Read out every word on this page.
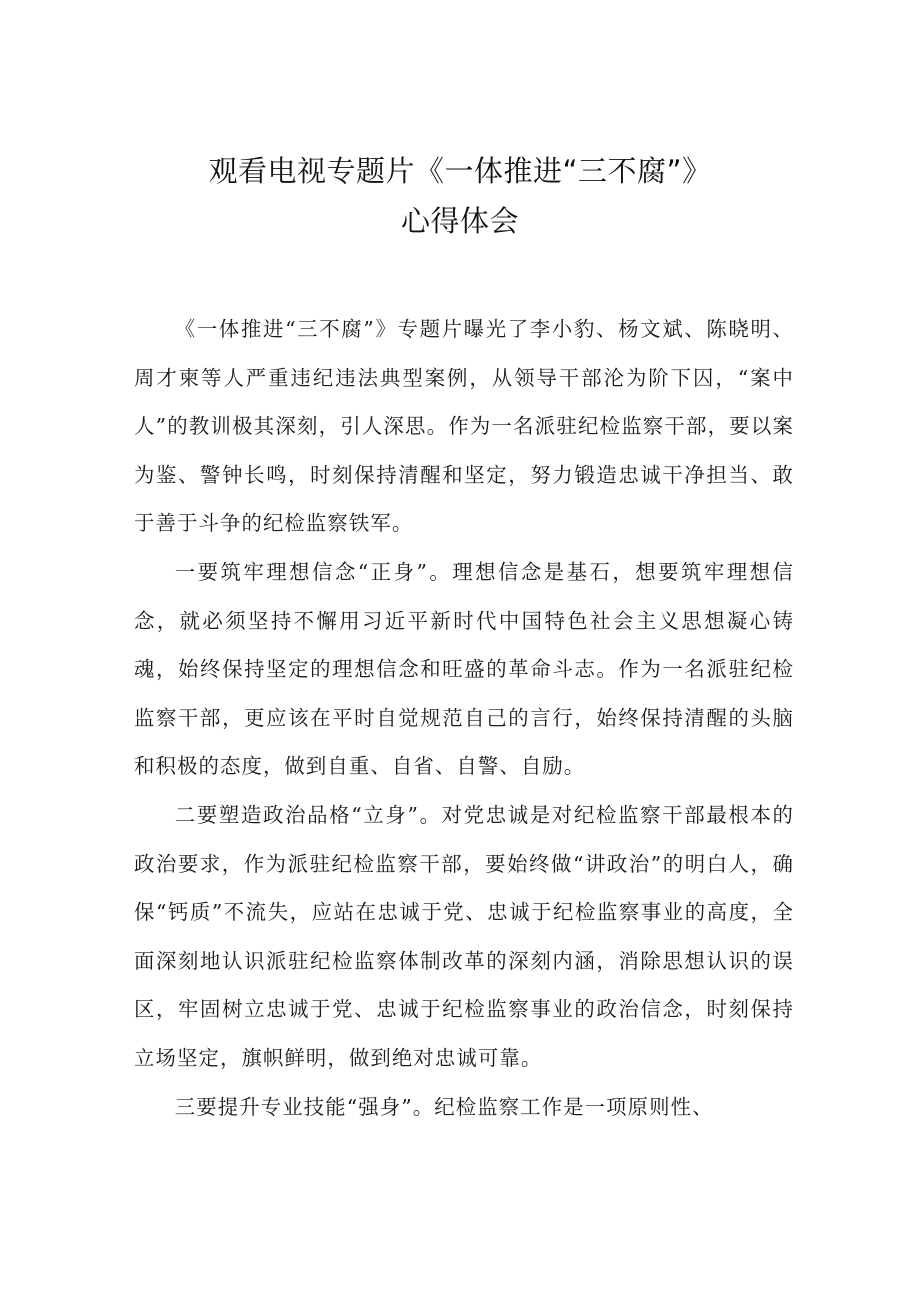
观看电视专题片《一体推进“三不腐”》
心得体会

《一体推进“三不腐”》专题片曝光了李小豹、杨文斌、陈晓明、周才柬等人严重违纪违法典型案例，从领导干部沦为阶下囚，“案中人”的教训极其深刻，引人深思。作为一名派驻纪检监察干部，要以案为鉴、警钟长鸣，时刻保持清醒和坚定，努力锻造忠诚干净担当、敢于善于斗争的纪检监察铁军。

一要筑牢理想信念“正身”。理想信念是基石，想要筑牢理想信念，就必须坚持不懈用习近平新时代中国特色社会主义思想凝心铸魂，始终保持坚定的理想信念和旺盛的革命斗志。作为一名派驻纪检监察干部，更应该在平时自觉规范自己的言行，始终保持清醒的头脑和积极的态度，做到自重、自省、自警、自励。

二要塑造政治品格“立身”。对党忠诚是对纪检监察干部最根本的政治要求，作为派驻纪检监察干部，要始终做“讲政治”的明白人，确保“钙质”不流失，应站在忠诚于党、忠诚于纪检监察事业的高度，全面深刻地认识派驻纪检监察体制改革的深刻内涵，消除思想认识的误区，牢固树立忠诚于党、忠诚于纪检监察事业的政治信念，时刻保持立场坚定，旗帜鲜明，做到绝对忠诚可靠。

三要提升专业技能“强身”。纪检监察工作是一项原则性、
